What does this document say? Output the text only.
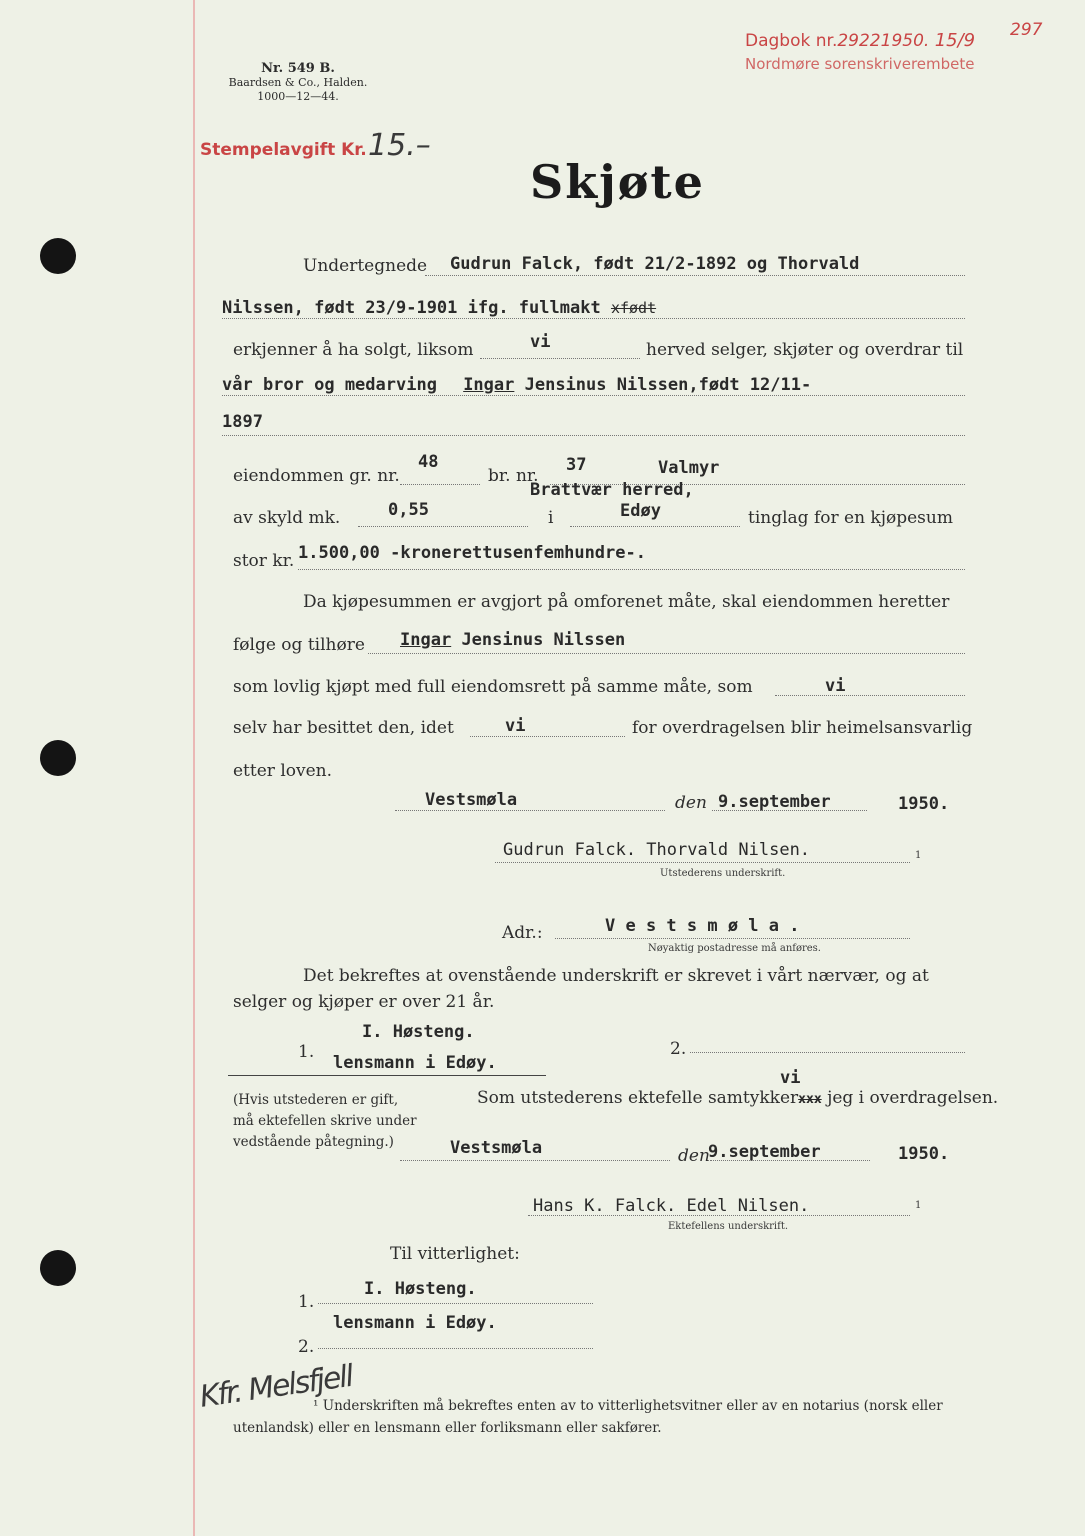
Nr. 549 B.
Baardsen & Co., Halden.
1000—12—44.
Dagbok nr.29221950. 15/9 297
Nordmøre sorenskriverembete
Stempelavgift Kr. 15.–
Skjøte
Undertegnede Gudrun Falck, født 21/2-1892 og Thorvald
Nilssen, født 23/9-1901 ifg. fullmakt xfødt
erkjenner å ha solgt, liksom	vi	herved selger, skjøter og overdrar til
vår bror og medarving Ingar Jensinus Nilssen,født 12/11-
1897
eiendommen gr. nr.
48
br. nr.
37	Valmyr
Brattvær herred,
av skyld mk.	0,55	i	Edøy	tinglag for en kjøpesum
stor kr. 1.500,00 -kronerettusenfemhundre-.
Da kjøpesummen er avgjort på omforenet måte, skal eiendommen heretter
følge og tilhøre Ingar Jensinus Nilssen
som lovlig kjøpt med full eiendomsrett på samme måte, som	vi
selv har besittet den, idet	vi	for overdragelsen blir heimelsansvarlig
etter loven.
Vestsmøla	den 9.september	1950.
Gudrun Falck. Thorvald Nilsen.	1
Utstederens underskrift.
Adr.:	V e s t s m ø l a .
Nøyaktig postadresse må anføres.
Det bekreftes at ovenstående underskrift er skrevet i vårt nærvær, og at
selger og kjøper er over 21 år.
I. Høsteng.
1.
lensmann i Edøy.
2.
(Hvis utstederen er gift,
må ektefellen skrive under
vedstående påtegning.)
vi
Som utstederens ektefelle samtykkerxxx jeg i overdragelsen.
Vestsmøla	den
9.september	1950.
Hans K. Falck. Edel Nilsen.	1
Ektefellens underskrift.
Til vitterlighet:
1.
I. Høsteng.
2.
lensmann i Edøy.
Kfr. Melsfjell
¹ Underskriften må bekreftes enten av to vitterlighetsvitner eller av en notarius (norsk eller
utenlandsk) eller en lensmann eller forliksmann eller sakfører.
